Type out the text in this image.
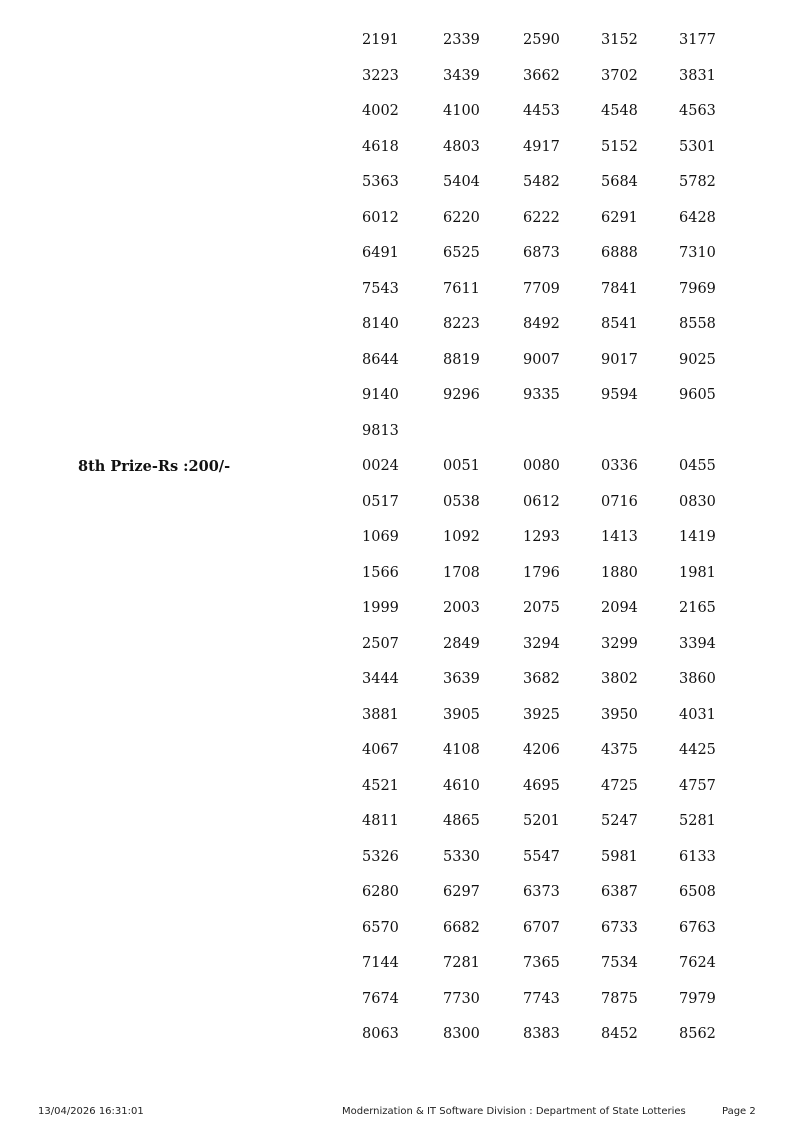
2191	2339	2590	3152	3177
3223	3439	3662	3702	3831
4002	4100	4453	4548	4563
4618	4803	4917	5152	5301
5363	5404	5482	5684	5782
6012	6220	6222	6291	6428
6491	6525	6873	6888	7310
7543	7611	7709	7841	7969
8140	8223	8492	8541	8558
8644	8819	9007	9017	9025
9140	9296	9335	9594	9605
9813
8th Prize-Rs :200/-	0024	0051	0080	0336	0455
0517	0538	0612	0716	0830
1069	1092	1293	1413	1419
1566	1708	1796	1880	1981
1999	2003	2075	2094	2165
2507	2849	3294	3299	3394
3444	3639	3682	3802	3860
3881	3905	3925	3950	4031
4067	4108	4206	4375	4425
4521	4610	4695	4725	4757
4811	4865	5201	5247	5281
5326	5330	5547	5981	6133
6280	6297	6373	6387	6508
6570	6682	6707	6733	6763
7144	7281	7365	7534	7624
7674	7730	7743	7875	7979
8063	8300	8383	8452	8562
13/04/2026 16:31:01	Modernization & IT Software Division : Department of State Lotteries	Page 2
